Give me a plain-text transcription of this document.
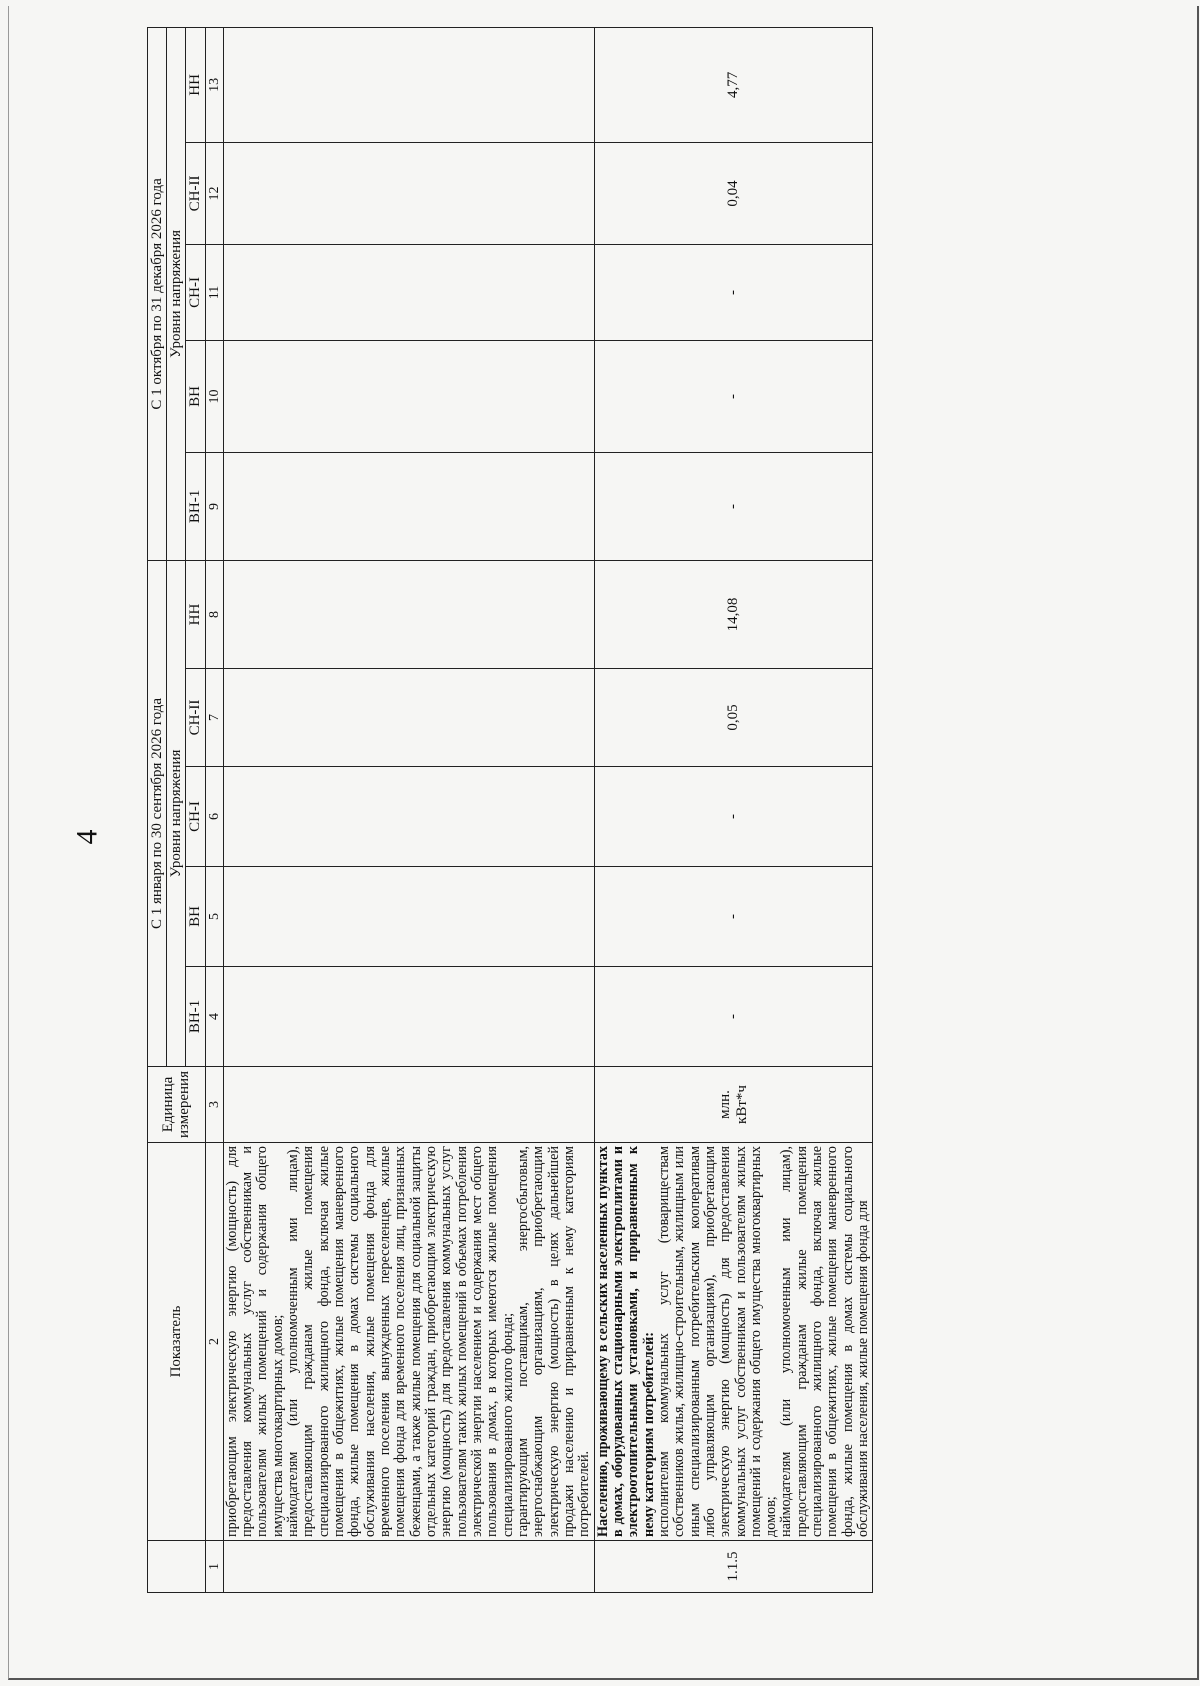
4
	Показатель	Единица измерения	С 1 января по 30 сентября 2026 года					С 1 октября по 31 декабря 2026 года				
			Уровни напряжения					Уровни напряжения				
			ВН-1	ВН	СН-I	СН-II	НН	ВН-1	ВН	СН-I	СН-II	НН
1	2	3	4	5	6	7	8	9	10	11	12	13

	приобретающим электрическую энергию (мощность) для предоставления коммунальных услуг собственникам и пользователям жилых помещений и содержания общего имущества многоквартирных домов; наймодателям (или уполномоченным ими лицам), предоставляющим гражданам жилые помещения специализированного жилищного фонда, включая жилые помещения в общежитиях, жилые помещения маневренного фонда, жилые помещения в домах системы социального обслуживания населения, жилые помещения фонда для временного поселения вынужденных переселенцев, жилые помещения фонда для временного поселения лиц, признанных беженцами, а также жилые помещения для социальной защиты отдельных категорий граждан, приобретающим электрическую энергию (мощность) для предоставления коммунальных услуг пользователям таких жилых помещений в объемах потребления электрической энергии населением и содержания мест общего пользования в домах, в которых имеются жилые помещения специализированного жилого фонда; гарантирующим поставщикам, энергосбытовым, энергоснабжающим организациям, приобретающим электрическую энергию (мощность) в целях дальнейшей продажи населению и приравненным к нему категориям потребителей.											

1.1.5	Населению, проживающему в сельских населенных пунктах в домах, оборудованных стационарными электроплитами и электроотопительными установками, и приравненным к нему категориям потребителей: исполнителям коммунальных услуг (товариществам собственников жилья, жилищно-строительным, жилищным или иным специализированным потребительским кооперативам либо управляющим организациям), приобретающим электрическую энергию (мощность) для предоставления коммунальных услуг собственникам и пользователям жилых помещений и содержания общего имущества многоквартирных домов; наймодателям (или уполномоченным ими лицам), предоставляющим гражданам жилые помещения специализированного жилищного фонда, включая жилые помещения в общежитиях, жилые помещения маневренного фонда, жилые помещения в домах системы социального обслуживания населения, жилые помещения фонда для	млн. кВт*ч	-	-	-	0,05	14,08	-	-	-	0,04	4,77
